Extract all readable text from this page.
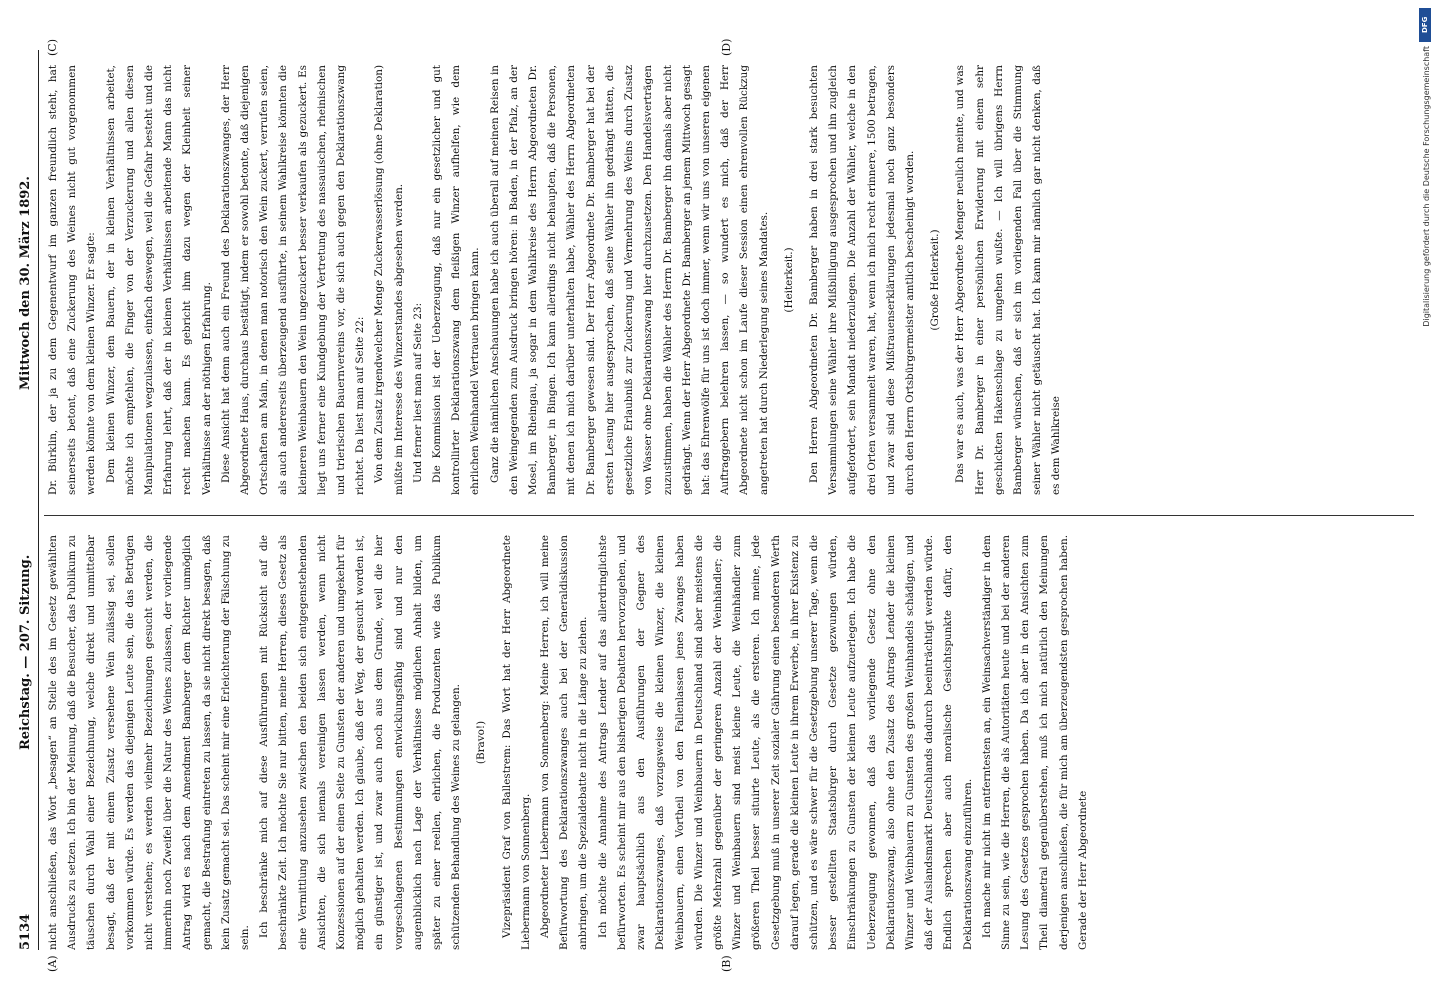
5134
Reichstag. — 207. Sitzung.
Mittwoch den 30. März 1892.
(A)	(B)
(C)	(D)

nicht anschließen, das Wort „besagen“ an Stelle des im Gesetz gewählten Ausdrucks zu setzen. Ich bin der Meinung, daß die Besucher, das Publikum zu täuschen durch Wahl einer Bezeichnung, welche direkt und unmittelbar besagt, daß der mit einem Zusatz versehene Wein zulässig sei, sollen vorkommen würde. Es werden das diejenigen Leute sein, die das Betrügen nicht verstehen; es werden vielmehr Bezeichnungen gesucht werden, die immerhin noch Zweifel über die Natur des Weines zulassen, der vorliegende Antrag wird es nach dem Amendment Bamberger dem Richter unmöglich gemacht, die Bestrafung eintreten zu lassen, da sie nicht direkt besagen, daß kein Zusatz gemacht sei. Das scheint mir eine Erleichterung der Fälschung zu sein. Ich beschränke mich auf diese Ausführungen mit Rücksicht auf die beschränkte Zeit. Ich möchte Sie nur bitten, meine Herren, dieses Gesetz als eine Vermittlung anzusehen zwischen den beiden sich entgegenstehenden Ansichten, die sich niemals vereinigen lassen werden, wenn nicht Konzessionen auf der einen Seite zu Gunsten der anderen und umgekehrt für möglich gehalten werden. Ich glaube, daß der Weg, der gesucht worden ist, ein günstiger ist, und zwar auch noch aus dem Grunde, weil die hier vorgeschlagenen Bestimmungen entwicklungsfähig sind und nur den augenblicklich nach Lage der Verhältnisse möglichen Anhalt bilden, um später zu einer reellen, ehrlichen, die Produzenten wie das Publikum schützenden Behandlung des Weines zu gelangen.	(Bravo!)	Vizepräsident Graf von Ballestrem: Das Wort hat der Herr Abgeordnete Liebermann von Sonnenberg. Abgeordneter Liebermann von Sonnenberg: Meine Herren, ich will meine Befürwortung des Deklarationszwanges auch bei der Generaldiskussion anbringen, um die Spezialdebatte nicht in die Länge zu ziehen. Ich möchte die Annahme des Antrags Lender auf das allerdringlichste befürworten. Es scheint mir aus den bisherigen Debatten hervorzugehen, und zwar hauptsächlich aus den Ausführungen der Gegner des Deklarationszwanges, daß vorzugsweise die kleinen Winzer, die kleinen Weinbauern, einen Vortheil von den Fallenlassen jenes Zwanges haben würden. Die Winzer und Weinbauern in Deutschland sind aber meistens die größte Mehrzahl gegenüber der geringeren Anzahl der Weinhändler; die Winzer und Weinbauern sind meist kleine Leute, die Weinhändler zum größeren Theil besser situirte Leute, als die ersteren. Ich meine, jede Gesetzgebung muß in unserer Zeit sozialer Gährung einen besonderen Werth darauf legen, gerade die kleinen Leute in ihrem Erwerbe, in ihrer Existenz zu schützen, und es wäre schwer für die Gesetzgebung unserer Tage, wenn die besser gestellten Staatsbürger durch Gesetze gezwungen würden, Einschränkungen zu Gunsten der kleinen Leute aufzuerlegen. Ich habe die Ueberzeugung gewonnen, daß das vorliegende Gesetz ohne den Deklarationszwang, also ohne den Zusatz des Antrags Lender die kleinen Winzer und Weinbauern zu Gunsten des großen Weinhandels schädigen, und daß der Auslandsmarkt Deutschlands dadurch beeinträchtigt werden würde. Endlich sprechen aber auch moralische Gesichtspunkte dafür, den Deklarationszwang einzuführen. Ich mache mir nicht im entferntesten an, ein Weinsachverständiger in dem Sinne zu sein, wie die Herren, die als Autoritäten heute und bei der anderen Lesung des Gesetzes gesprochen haben. Da ich aber in den Ansichten zum Theil diametral gegenüberstehen, muß ich mich natürlich den Meinungen derjenigen anschließen, die für mich am überzeugendsten gesprochen haben. Gerade der Herr Abgeordnete

Dr. Bürklin, der ja zu dem Gegenentwurf im ganzen freundlich steht, hat seinerseits betont, daß eine Zuckerung des Weines nicht gut vorgenommen werden könnte von dem kleinen Winzer. Er sagte: Dem kleinen Winzer, dem Bauern, der in kleinen Verhältnissen arbeitet, möchte ich empfehlen, die Finger von der Verzuckerung und allen diesen Manipulationen wegzulassen, einfach deswegen, weil die Gefahr besteht und die Erfahrung lehrt, daß der in kleinen Verhältnissen arbeitende Mann das nicht recht machen kann. Es gebricht ihm dazu wegen der Kleinheit seiner Verhältnisse an der nöthigen Erfahrung. Diese Ansicht hat denn auch ein Freund des Deklarationszwanges, der Herr Abgeordnete Haus, durchaus bestätigt, indem er sowohl betonte, daß diejenigen Ortschaften am Main, in denen man notorisch den Wein zuckert, verrufen seien, als auch andererseits überzeugend ausführte, in seinem Wahlkreise könnten die kleineren Weinbauern den Wein ungezuckert besser verkaufen als gezuckert. Es liegt uns ferner eine Kundgebung der Vertretung des nassauischen, rheinischen und trierischen Bauernvereins vor, die sich auch gegen den Deklarationszwang richtet. Da liest man auf Seite 22: Von dem Zusatz irgendwelcher Menge Zuckerwasserlösung (ohne Deklaration) müßte im Interesse des Winzerstandes abgesehen werden. Und ferner liest man auf Seite 23: Die Kommission ist der Ueberzeugung, daß nur ein gesetzlicher und gut kontrollirter Deklarationszwang dem fleißigen Winzer aufhelfen, wie dem ehrlichen Weinhandel Vertrauen bringen kann. Ganz die nämlichen Anschauungen habe ich auch überall auf meinen Reisen in den Weingegenden zum Ausdruck bringen hören: in Baden, in der Pfalz, an der Mosel, im Rheingau, ja sogar in dem Wahlkreise des Herrn Abgeordneten Dr. Bamberger, in Bingen. Ich kann allerdings nicht behaupten, daß die Personen, mit denen ich mich darüber unterhalten habe, Wähler des Herrn Abgeordneten Dr. Bamberger gewesen sind. Der Herr Abgeordnete Dr. Bamberger hat bei der ersten Lesung hier ausgesprochen, daß seine Wähler ihn gedrängt hätten, die gesetzliche Erlaubniß zur Zuckerung und Vermehrung des Weins durch Zusatz von Wasser ohne Deklarationszwang hier durchzusetzen. Den Handelsverträgen zuzustimmen, haben die Wähler des Herrn Dr. Bamberger ihn damals aber nicht gedrängt. Wenn der Herr Abgeordnete Dr. Bamberger an jenem Mittwoch gesagt hat: das Ehrenwölfe für uns ist doch immer, wenn wir uns von unseren eigenen Auftraggebern belehren lassen, — so wundert es mich, daß der Herr Abgeordnete nicht schon im Laufe dieser Session einen ehrenvollen Rückzug angetreten hat durch Niederlegung seines Mandates.	(Heiterkeit.)	Den Herren Abgeordneten Dr. Bamberger haben in drei stark besuchten Versammlungen seine Wähler ihre Mißbilligung ausgesprochen und ihn zugleich aufgefordert, sein Mandat niederzulegen. Die Anzahl der Wähler, welche in den drei Orten versammelt waren, hat, wenn ich mich recht erinnere, 1500 betragen, und zwar sind diese Mißtrauenserklärungen jedesmal noch ganz besonders durch den Herrn Ortsbürgermeister amtlich bescheinigt worden.	(Große Heiterkeit.)	Das war es auch, was der Herr Abgeordnete Menger neulich meinte, und was Herr Dr. Bamberger in einer persönlichen Erwiderung mit einem sehr geschickten Hakenschlage zu umgehen wußte. — Ich will übrigens Herrn Bamberger wünschen, daß er sich im vorliegenden Fall über die Stimmung seiner Wähler nicht getäuscht hat. Ich kann mir nämlich gar nicht denken, daß es dem Wahlkreise

DFG
Digitalisierung gefördert durch die Deutsche Forschungsgemeinschaft
